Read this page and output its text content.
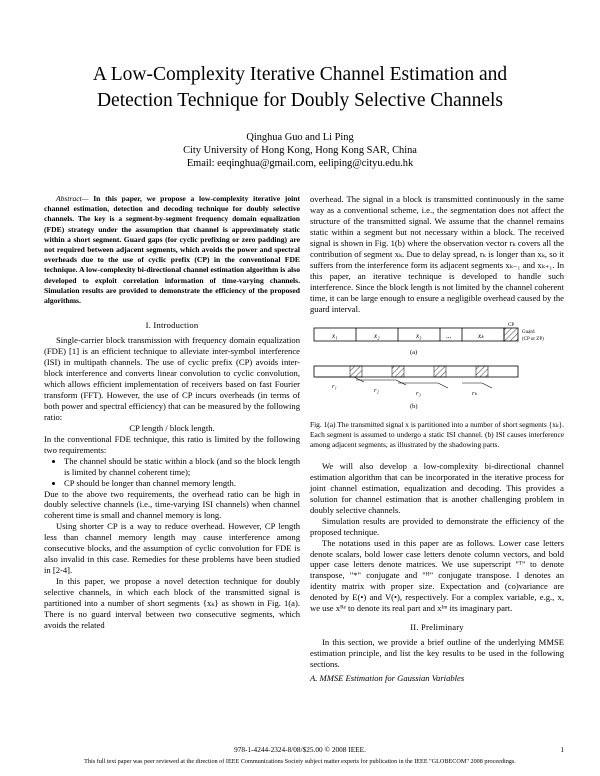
A Low-Complexity Iterative Channel Estimation and
Detection Technique for Doubly Selective Channels
Qinghua Guo and Li Ping
City University of Hong Kong, Hong Kong SAR, China
Email: eeqinghua@gmail.com, eeliping@cityu.edu.hk

Abstract— In this paper, we propose a low-complexity iterative joint channel estimation, detection and decoding technique for doubly selective channels. The key is a segment-by-segment frequency domain equalization (FDE) strategy under the assumption that channel is approximately static within a short segment. Guard gaps (for cyclic prefixing or zero padding) are not required between adjacent segments, which avoids the power and spectral overheads due to the use of cyclic prefix (CP) in the conventional FDE technique. A low-complexity bi-directional channel estimation algorithm is also developed to exploit correlation information of time-varying channels. Simulation results are provided to demonstrate the efficiency of the proposed algorithms.

I. Introduction

Single-carrier block transmission with frequency domain equalization (FDE) [1] is an efficient technique to alleviate inter-symbol interference (ISI) in multipath channels. The use of cyclic prefix (CP) avoids inter-block interference and converts linear convolution to cyclic convolution, which allows efficient implementation of receivers based on fast Fourier transform (FFT). However, the use of CP incurs overheads (in terms of both power and spectral efficiency) that can be measured by the following ratio:

CP length / block length.

In the conventional FDE technique, this ratio is limited by the following two requirements:

• The channel should be static within a block (and so the block length is limited by channel coherent time);
• CP should be longer than channel memory length.

Due to the above two requirements, the overhead ratio can be high in doubly selective channels (i.e., time-varying ISI channels) when channel coherent time is small and channel memory is long.

Using shorter CP is a way to reduce overhead. However, CP length less than channel memory length may cause interference among consecutive blocks, and the assumption of cyclic convolution for FDE is also invalid in this case. Remedies for these problems have been studied in [2-4].

In this paper, we propose a novel detection technique for doubly selective channels, in which each block of the transmitted signal is partitioned into a number of short segments {xₖ} as shown in Fig. 1(a). There is no guard interval between two consecutive segments, which avoids the related

overhead. The signal in a block is transmitted continuously in the same way as a conventional scheme, i.e., the segmentation does not affect the structure of the transmitted signal. We assume that the channel remains static within a segment but not necessary within a block. The received signal is shown in Fig. 1(b) where the observation vector rₖ covers all the contribution of segment xₖ. Due to delay spread, rₖ is longer than xₖ, so it suffers from the interference form its adjacent segments xₖ₋₁ and xₖ₊₁. In this paper, an iterative technique is developed to handle such interference. Since the block length is not limited by the channel coherent time, it can be large enough to ensure a negligible overhead caused by the guard interval.

x₁	x₂	x₃	...	xₖ
CP
Guard
(CP or ZP)
(a)
r₁
r₂	r₃	rₖ
(b)

Fig. 1(a) The transmitted signal x is partitioned into a number of short segments {xₖ}. Each segment is assumed to undergo a static ISI channel. (b) ISI causes interference among adjacent segments, as illustrated by the shadowing parts.

We will also develop a low-complexity bi-directional channel estimation algorithm that can be incorporated in the iterative process for joint channel estimation, equalization and decoding. This provides a solution for channel estimation that is another challenging problem in doubly selective channels.

Simulation results are provided to demonstrate the efficiency of the proposed technique.

The notations used in this paper are as follows. Lower case letters denote scalars, bold lower case letters denote column vectors, and bold upper case letters denote matrices. We use superscript "ᵀ" to denote transpose, "*" conjugate and "ᴴ" conjugate transpose. I denotes an identity matrix with proper size. Expectation and (co)variance are denoted by E(•) and V(•), respectively. For a complex variable, e.g., x, we use xᴿᵉ to denote its real part and xᴵᵐ its imaginary part.

II. Preliminary

In this section, we provide a brief outline of the underlying MMSE estimation principle, and list the key results to be used in the following sections.

A. MMSE Estimation for Gaussian Variables

978-1-4244-2324-8/08/$25.00 © 2008 IEEE.	1
This full text paper was peer reviewed at the direction of IEEE Communications Society subject matter experts for publication in the IEEE "GLOBECOM" 2008 proceedings.
